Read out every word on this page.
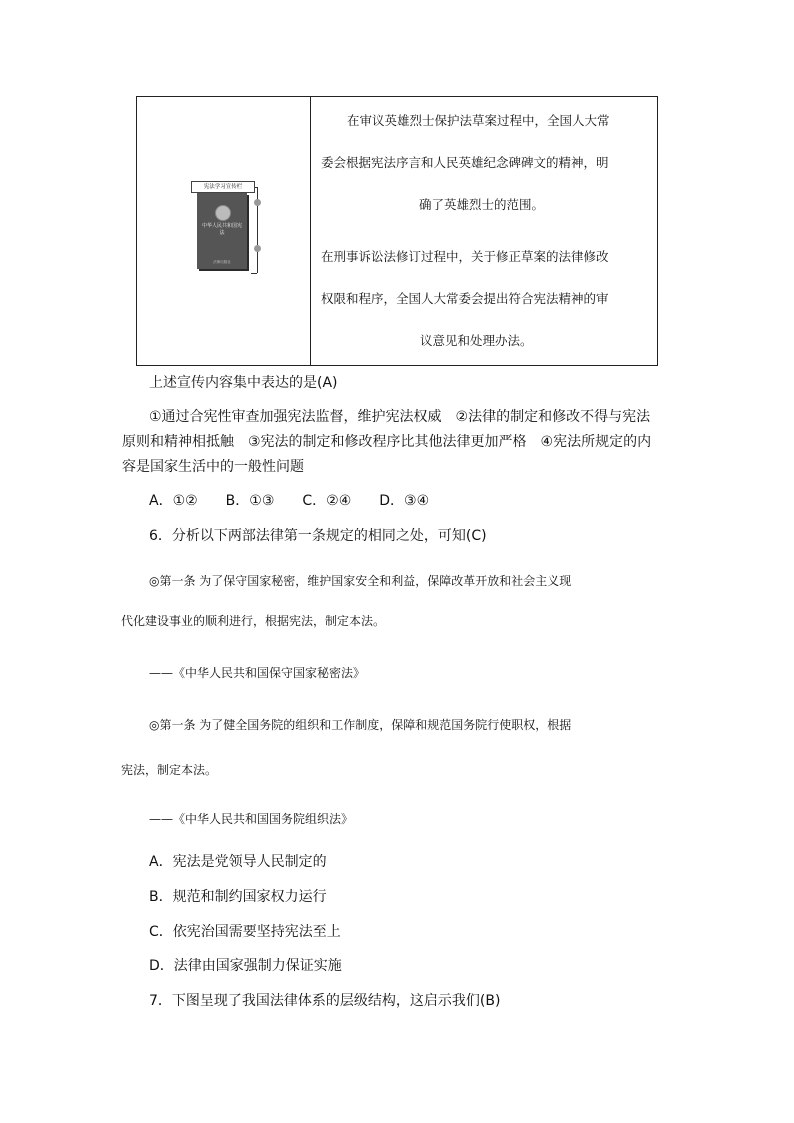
宪法学习宣传栏
中华人民共和国宪 法
法律出版社
在审议英雄烈士保护法草案过程中，全国人大常
委会根据宪法序言和人民英雄纪念碑碑文的精神，明
确了英雄烈士的范围。
在刑事诉讼法修订过程中，关于修正草案的法律修改
权限和程序，全国人大常委会提出符合宪法精神的审
议意见和处理办法。
上述宣传内容集中表达的是(A)
①通过合宪性审查加强宪法监督，维护宪法权威　②法律的制定和修改不得与宪法
原则和精神相抵触　③宪法的制定和修改程序比其他法律更加严格　④宪法所规定的内
容是国家生活中的一般性问题
A．①②　　B．①③　　C．②④　　D．③④
6．分析以下两部法律第一条规定的相同之处，可知(C)
◎第一条 为了保守国家秘密，维护国家安全和利益，保障改革开放和社会主义现
代化建设事业的顺利进行，根据宪法，制定本法。
——《中华人民共和国保守国家秘密法》
◎第一条 为了健全国务院的组织和工作制度，保障和规范国务院行使职权，根据
宪法，制定本法。
——《中华人民共和国国务院组织法》
A．宪法是党领导人民制定的
B．规范和制约国家权力运行
C．依宪治国需要坚持宪法至上
D．法律由国家强制力保证实施
7．下图呈现了我国法律体系的层级结构，这启示我们(B)
